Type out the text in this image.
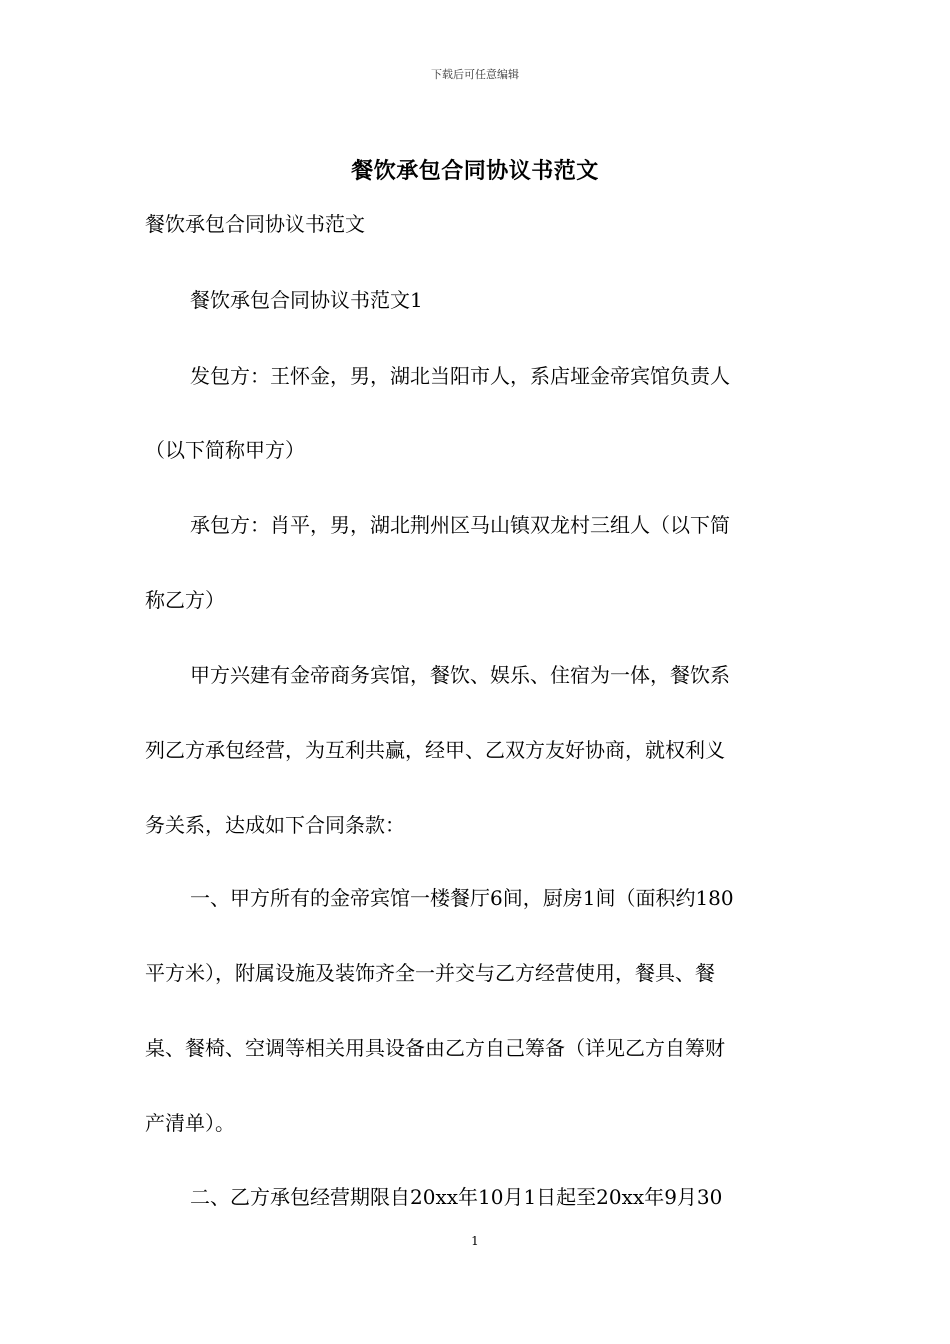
下载后可任意编辑
餐饮承包合同协议书范文
餐饮承包合同协议书范文
餐饮承包合同协议书范文1
发包方：王怀金，男，湖北当阳市人，系店垭金帝宾馆负责人
（以下简称甲方）
承包方：肖平，男，湖北荆州区马山镇双龙村三组人（以下简
称乙方）
甲方兴建有金帝商务宾馆，餐饮、娱乐、住宿为一体，餐饮系
列乙方承包经营，为互利共赢，经甲、乙双方友好协商，就权利义
务关系，达成如下合同条款：
一、甲方所有的金帝宾馆一楼餐厅6间，厨房1间（面积约180
平方米），附属设施及装饰齐全一并交与乙方经营使用，餐具、餐
桌、餐椅、空调等相关用具设备由乙方自己筹备（详见乙方自筹财
产清单）。
二、乙方承包经营期限自20xx年10月1日起至20xx年9月30
1
